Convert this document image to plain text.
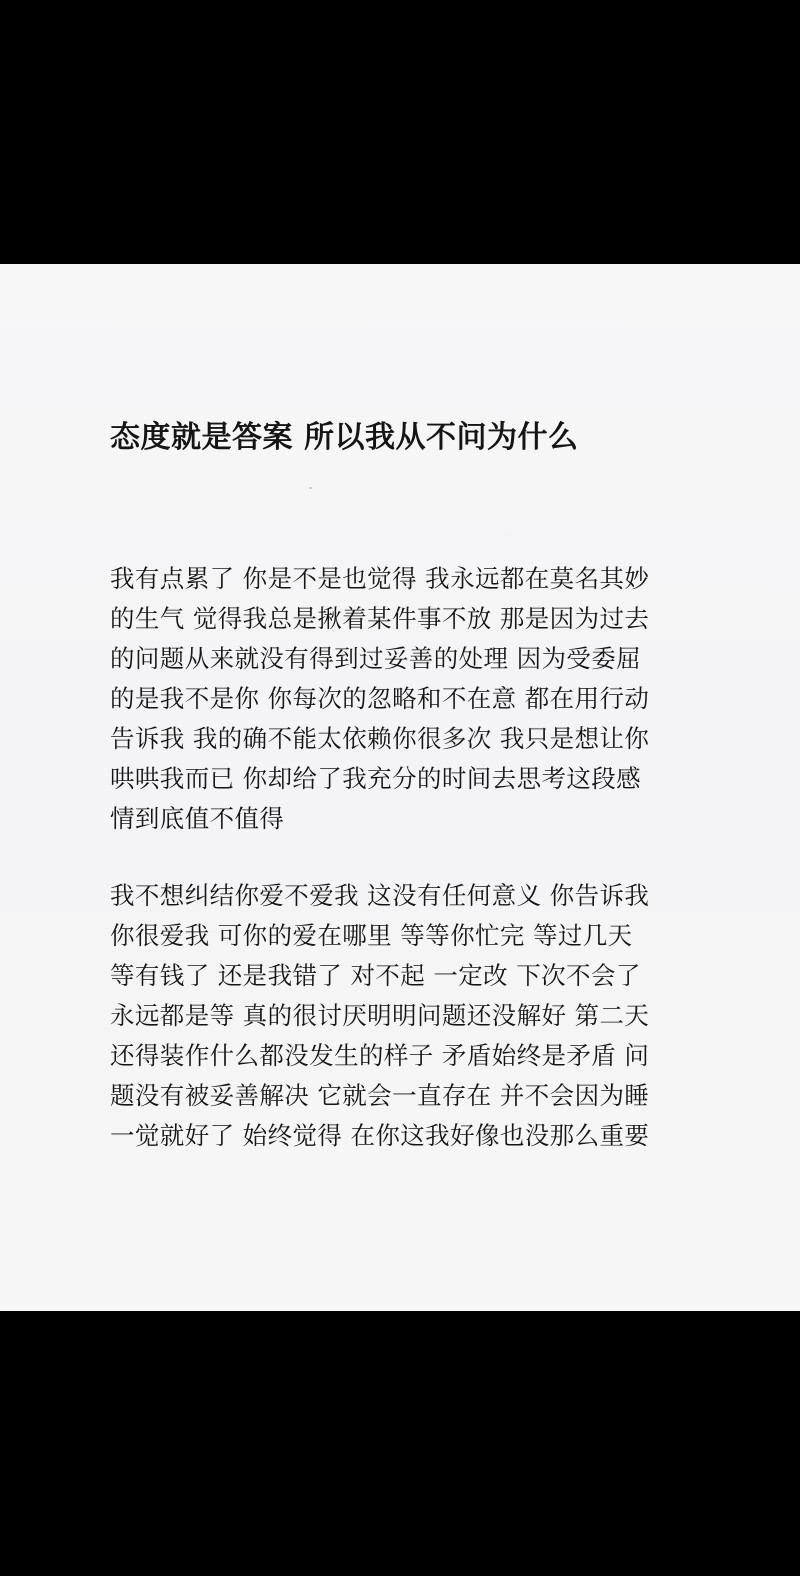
态度就是答案 所以我从不问为什么
我有点累了 你是不是也觉得 我永远都在莫名其妙
的生气 觉得我总是揪着某件事不放 那是因为过去
的问题从来就没有得到过妥善的处理 因为受委屈
的是我不是你 你每次的忽略和不在意 都在用行动
告诉我 我的确不能太依赖你很多次 我只是想让你
哄哄我而已 你却给了我充分的时间去思考这段感
情到底值不值得
我不想纠结你爱不爱我 这没有任何意义 你告诉我
你很爱我 可你的爱在哪里 等等你忙完 等过几天
等有钱了 还是我错了 对不起 一定改 下次不会了
永远都是等 真的很讨厌明明问题还没解好 第二天
还得装作什么都没发生的样子 矛盾始终是矛盾 问
题没有被妥善解决 它就会一直存在 并不会因为睡
一觉就好了 始终觉得 在你这我好像也没那么重要
